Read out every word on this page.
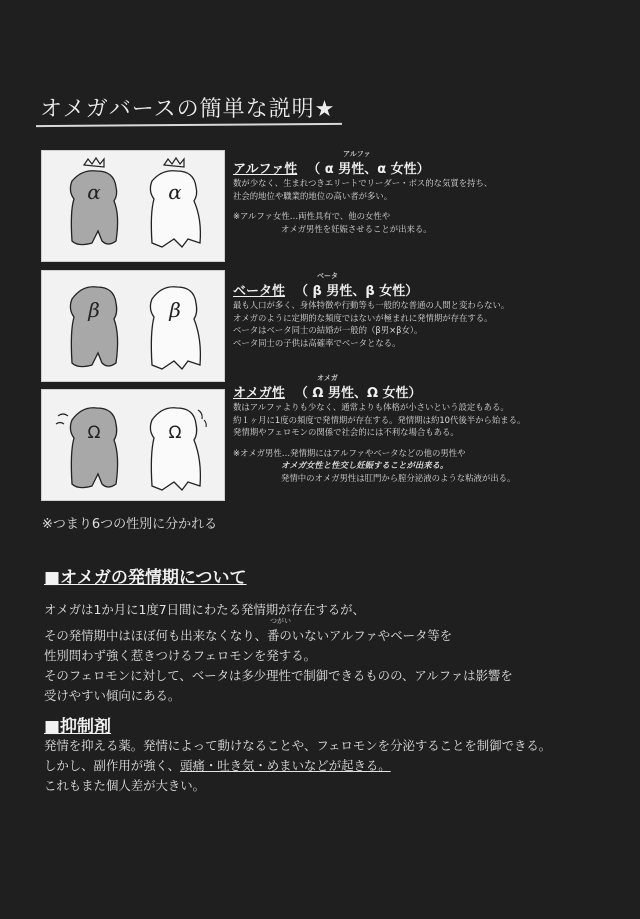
オメガバースの簡単な説明★
α	α
アルファ
アルファ性 （ α 男性、α 女性）
数が少なく、生まれつきエリートでリーダー・ボス的な気質を持ち、
社会的地位や職業的地位の高い者が多い。
※アルファ女性…両性具有で、他の女性や
オメガ男性を妊娠させることが出来る。
β	β
ベータ
ベータ性 （ β 男性、β 女性）
最も人口が多く、身体特徴や行動等も一般的な普通の人間と変わらない。
オメガのように定期的な頻度ではないが極まれに発情期が存在する。
ベータはベータ同士の結婚が一般的（β男×β女）。
ベータ同士の子供は高確率でベータとなる。
Ω	Ω
オメガ
オメガ性 （ Ω 男性、Ω 女性）
数はアルファよりも少なく、通常よりも体格が小さいという設定もある。
約１ヶ月に1度の頻度で発情期が存在する。発情期は約10代後半から始まる。
発情期やフェロモンの関係で社会的には不利な場合もある。
※オメガ男性…発情期にはアルファやベータなどの他の男性や
オメガ女性と性交し妊娠することが出来る。
発情中のオメガ男性は肛門から膣分泌液のような粘液が出る。
※つまり6つの性別に分かれる
■オメガの発情期について
オメガは1か月に1度7日間にわたる発情期が存在するが、
つがい
その発情期中はほぼ何も出来なくなり、番のいないアルファやベータ等を
性別問わず強く惹きつけるフェロモンを発する。
そのフェロモンに対して、ベータは多少理性で制御できるものの、アルファは影響を
受けやすい傾向にある。
■抑制剤
発情を抑える薬。発情によって動けなることや、フェロモンを分泌することを制御できる。
しかし、副作用が強く、頭痛・吐き気・めまいなどが起きる。
これもまた個人差が大きい。
